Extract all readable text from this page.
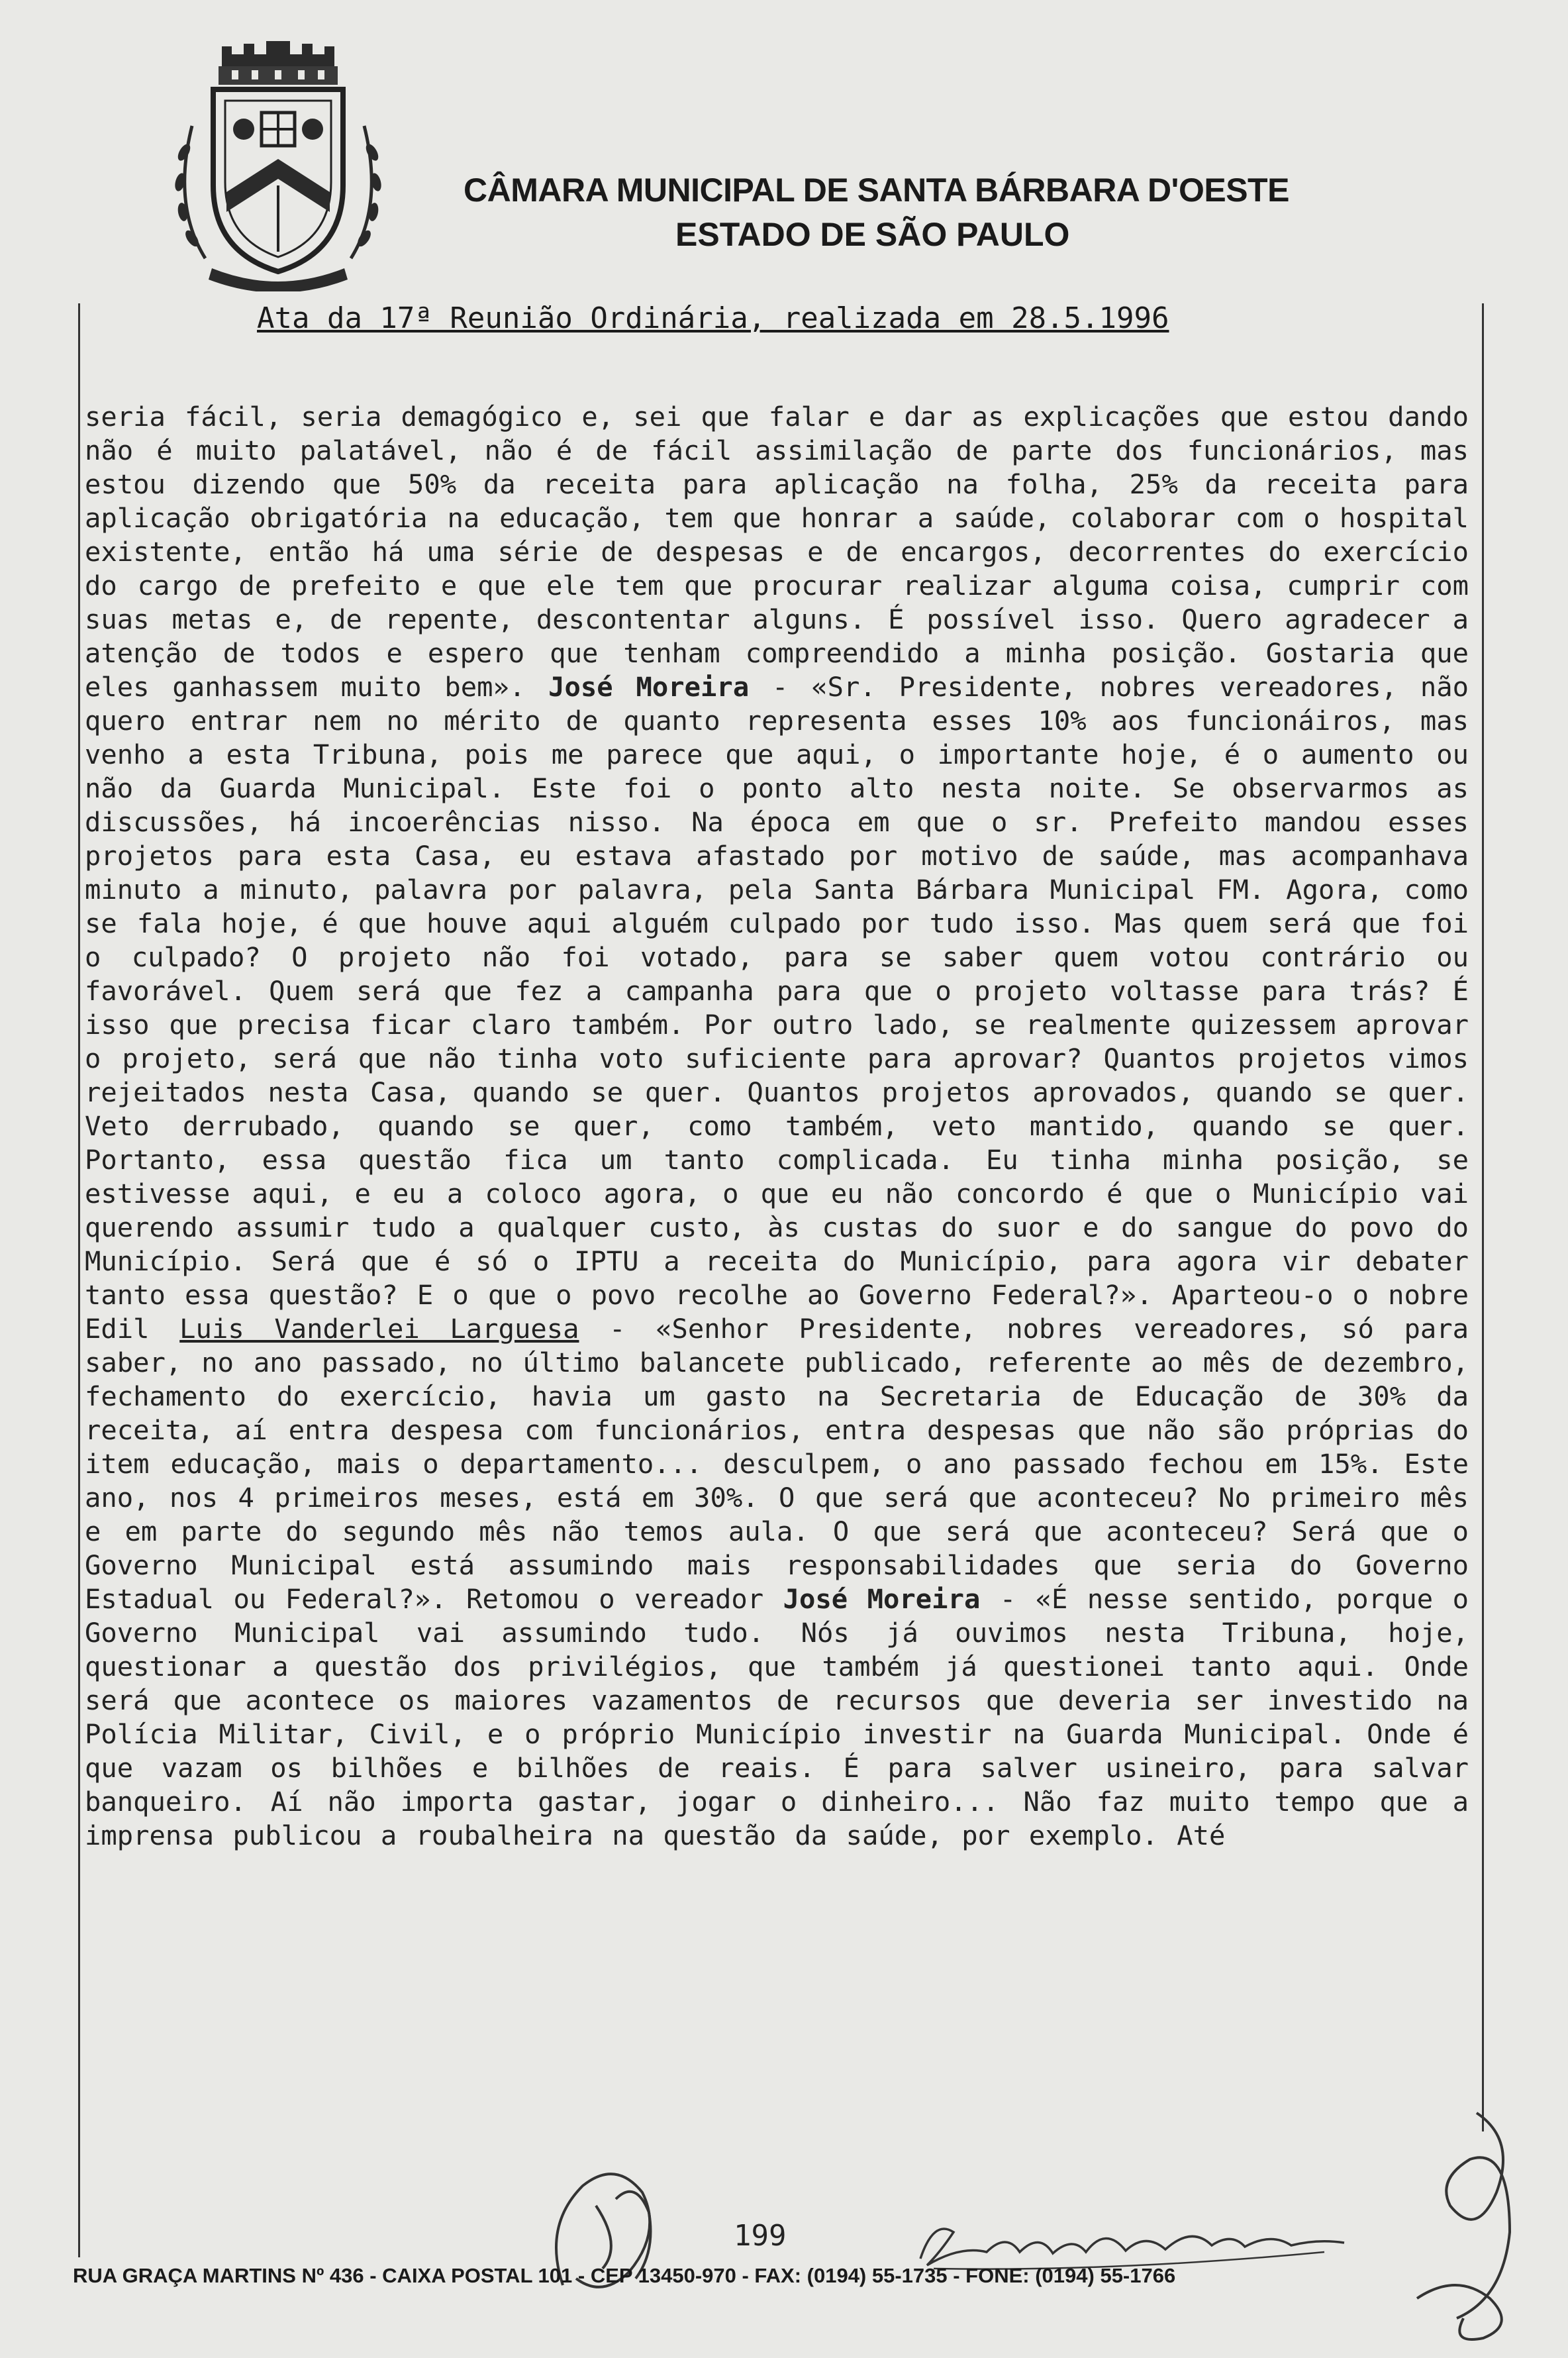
CÂMARA MUNICIPAL DE SANTA BÁRBARA D'OESTE
ESTADO DE SÃO PAULO
Ata da 17ª Reunião Ordinária, realizada em 28.5.1996

seria fácil, seria demagógico e, sei que falar e dar as explicações que estou dando não é muito palatável, não é de fácil assimilação de parte dos funcionários, mas estou dizendo que 50% da receita para aplicação na folha, 25% da receita para aplicação obrigatória na educação, tem que honrar a saúde, colaborar com o hospital existente, então há uma série de despesas e de encargos, decorrentes do exercício do cargo de prefeito e que ele tem que procurar realizar alguma coisa, cumprir com suas metas e, de repente, descontentar alguns. É possível isso. Quero agradecer a atenção de todos e espero que tenham compreendido a minha posição. Gostaria que eles ganhassem muito bem». José Moreira - «Sr. Presidente, nobres vereadores, não quero entrar nem no mérito de quanto representa esses 10% aos funcionáiros, mas venho a esta Tribuna, pois me parece que aqui, o importante hoje, é o aumento ou não da Guarda Municipal. Este foi o ponto alto nesta noite. Se observarmos as discussões, há incoerências nisso. Na época em que o sr. Prefeito mandou esses projetos para esta Casa, eu estava afastado por motivo de saúde, mas acompanhava minuto a minuto, palavra por palavra, pela Santa Bárbara Municipal FM. Agora, como se fala hoje, é que houve aqui alguém culpado por tudo isso. Mas quem será que foi o culpado? O projeto não foi votado, para se saber quem votou contrário ou favorável. Quem será que fez a campanha para que o projeto voltasse para trás? É isso que precisa ficar claro também. Por outro lado, se realmente quizessem aprovar o projeto, será que não tinha voto suficiente para aprovar? Quantos projetos vimos rejeitados nesta Casa, quando se quer. Quantos projetos aprovados, quando se quer. Veto derrubado, quando se quer, como também, veto mantido, quando se quer. Portanto, essa questão fica um tanto complicada. Eu tinha minha posição, se estivesse aqui, e eu a coloco agora, o que eu não concordo é que o Município vai querendo assumir tudo a qualquer custo, às custas do suor e do sangue do povo do Município. Será que é só o IPTU a receita do Município, para agora vir debater tanto essa questão? E o que o povo recolhe ao Governo Federal?». Aparteou-o o nobre Edil Luis Vanderlei Larguesa - «Senhor Presidente, nobres vereadores, só para saber, no ano passado, no último balancete publicado, referente ao mês de dezembro, fechamento do exercício, havia um gasto na Secretaria de Educação de 30% da receita, aí entra despesa com funcionários, entra despesas que não são próprias do item educação, mais o departamento... desculpem, o ano passado fechou em 15%. Este ano, nos 4 primeiros meses, está em 30%. O que será que aconteceu? No primeiro mês e em parte do segundo mês não temos aula. O que será que aconteceu? Será que o Governo Municipal está assumindo mais responsabilidades que seria do Governo Estadual ou Federal?». Retomou o vereador José Moreira - «É nesse sentido, porque o Governo Municipal vai assumindo tudo. Nós já ouvimos nesta Tribuna, hoje, questionar a questão dos privilégios, que também já questionei tanto aqui. Onde será que acontece os maiores vazamentos de recursos que deveria ser investido na Polícia Militar, Civil, e o próprio Município investir na Guarda Municipal. Onde é que vazam os bilhões e bilhões de reais. É para salver usineiro, para salvar banqueiro. Aí não importa gastar, jogar o dinheiro... Não faz muito tempo que a imprensa publicou a roubalheira na questão da saúde, por exemplo. Até

199
RUA GRAÇA MARTINS Nº 436 - CAIXA POSTAL 101 - CEP 13450-970 - FAX: (0194) 55-1735 - FONE: (0194) 55-1766
